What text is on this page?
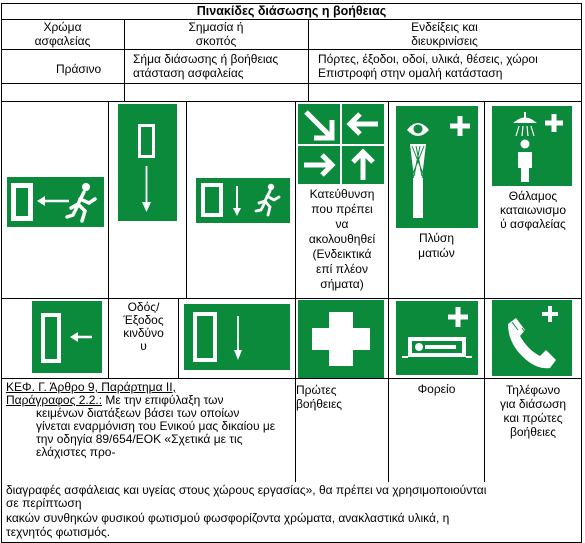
Πινακίδες διάσωσης η βοήθειας
Χρώμα
ασφαλείας
Σημασία ή
σκοπός
Ενδείξεις και
διευκρινίσεις
Πράσινο
Σήμα διάσωσης ή βοήθειας
ατάσταση ασφαλείας
Πόρτες, έξοδοι, οδοί, υλικά, θέσεις, χώροι
Επιστροφή στην ομαλή κατάσταση
Κατεύθυνση
που πρέπει
να
ακολουθηθεί
(Ενδεικτικά
επί πλέον
σήματα)
Πλύση
ματιών
Θάλαμος
καταιωνισμο
ύ ασφαλείας
Οδός/
Έξοδος
κινδύνο
υ
Πρώτες
βοήθειες
Φορείο	Τηλέφωνο
για διάσωση
και πρώτες
βοήθειες
ΚΕΦ. Γ. Άρθρο 9, Παράρτημα ΙΙ,
Παράγραφος 2.2.: Με την επιφύλαξη των
κειμένων διατάξεων βάσει των οποίων
γίνεται εναρμόνιση του Ενικού μας δικαίου με
την οδηγία 89/654/ΕΟΚ «Σχετικά με τις
ελάχιστες προ-
διαγραφές ασφάλειας και υγείας στους χώρους εργασίας», θα πρέπει να χρησιμοποιούνται
σε περίπτωση
κακών συνθηκών φυσικού φωτισμού φωσφορίζοντα χρώματα, ανακλαστικά υλικά, η
τεχνητός φωτισμός.
